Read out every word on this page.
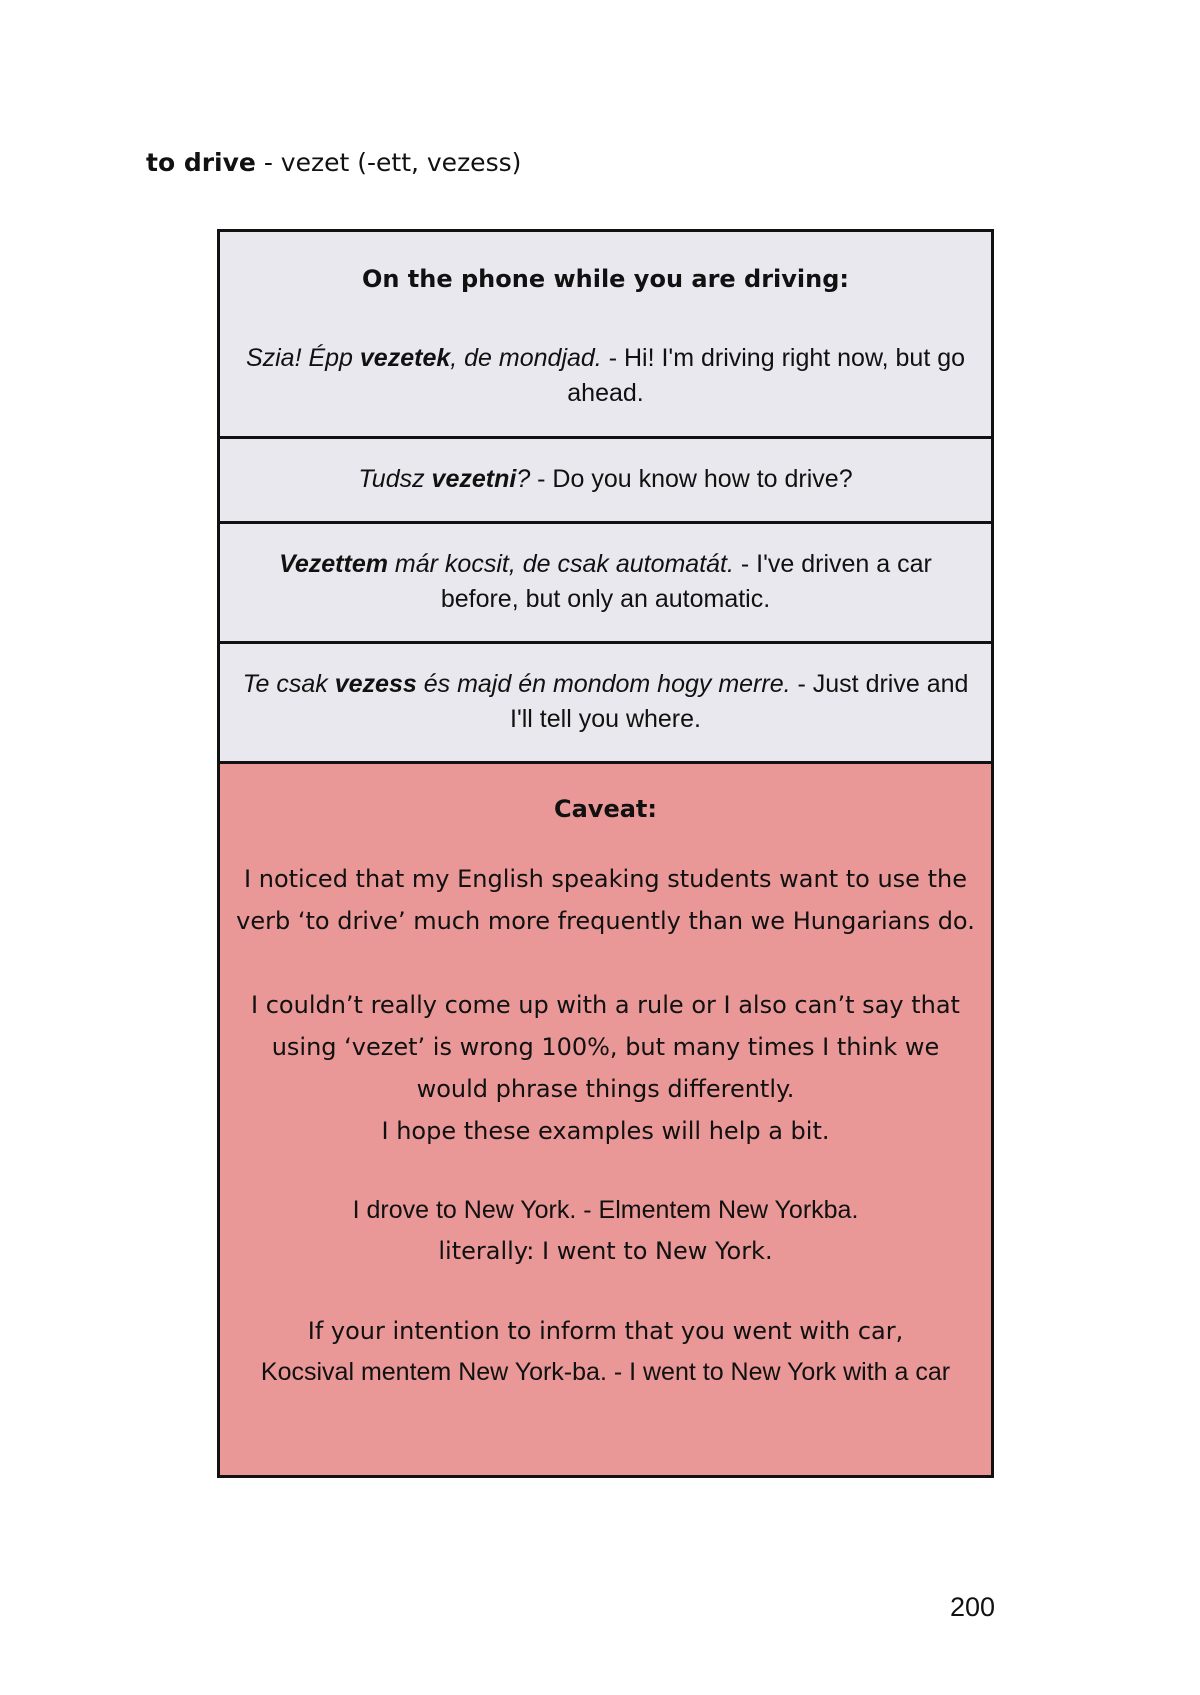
to drive - vezet (-ett, vezess)
On the phone while you are driving:
Szia! Épp vezetek, de mondjad. - Hi! I'm driving right now, but go ahead.
Tudsz vezetni? - Do you know how to drive?
Vezettem már kocsit, de csak automatát. - I've driven a car before, but only an automatic.
Te csak vezess és majd én mondom hogy merre. - Just drive and I'll tell you where.
Caveat:
I noticed that my English speaking students want to use the verb ‘to drive’ much more frequently than we Hungarians do.
I couldn’t really come up with a rule or I also can’t say that using ‘vezet’ is wrong 100%, but many times I think we would phrase things differently.
I hope these examples will help a bit.
I drove to New York. - Elmentem New Yorkba.
literally: I went to New York.
If your intention to inform that you went with car,
Kocsival mentem New York-ba. - I went to New York with a car
200
